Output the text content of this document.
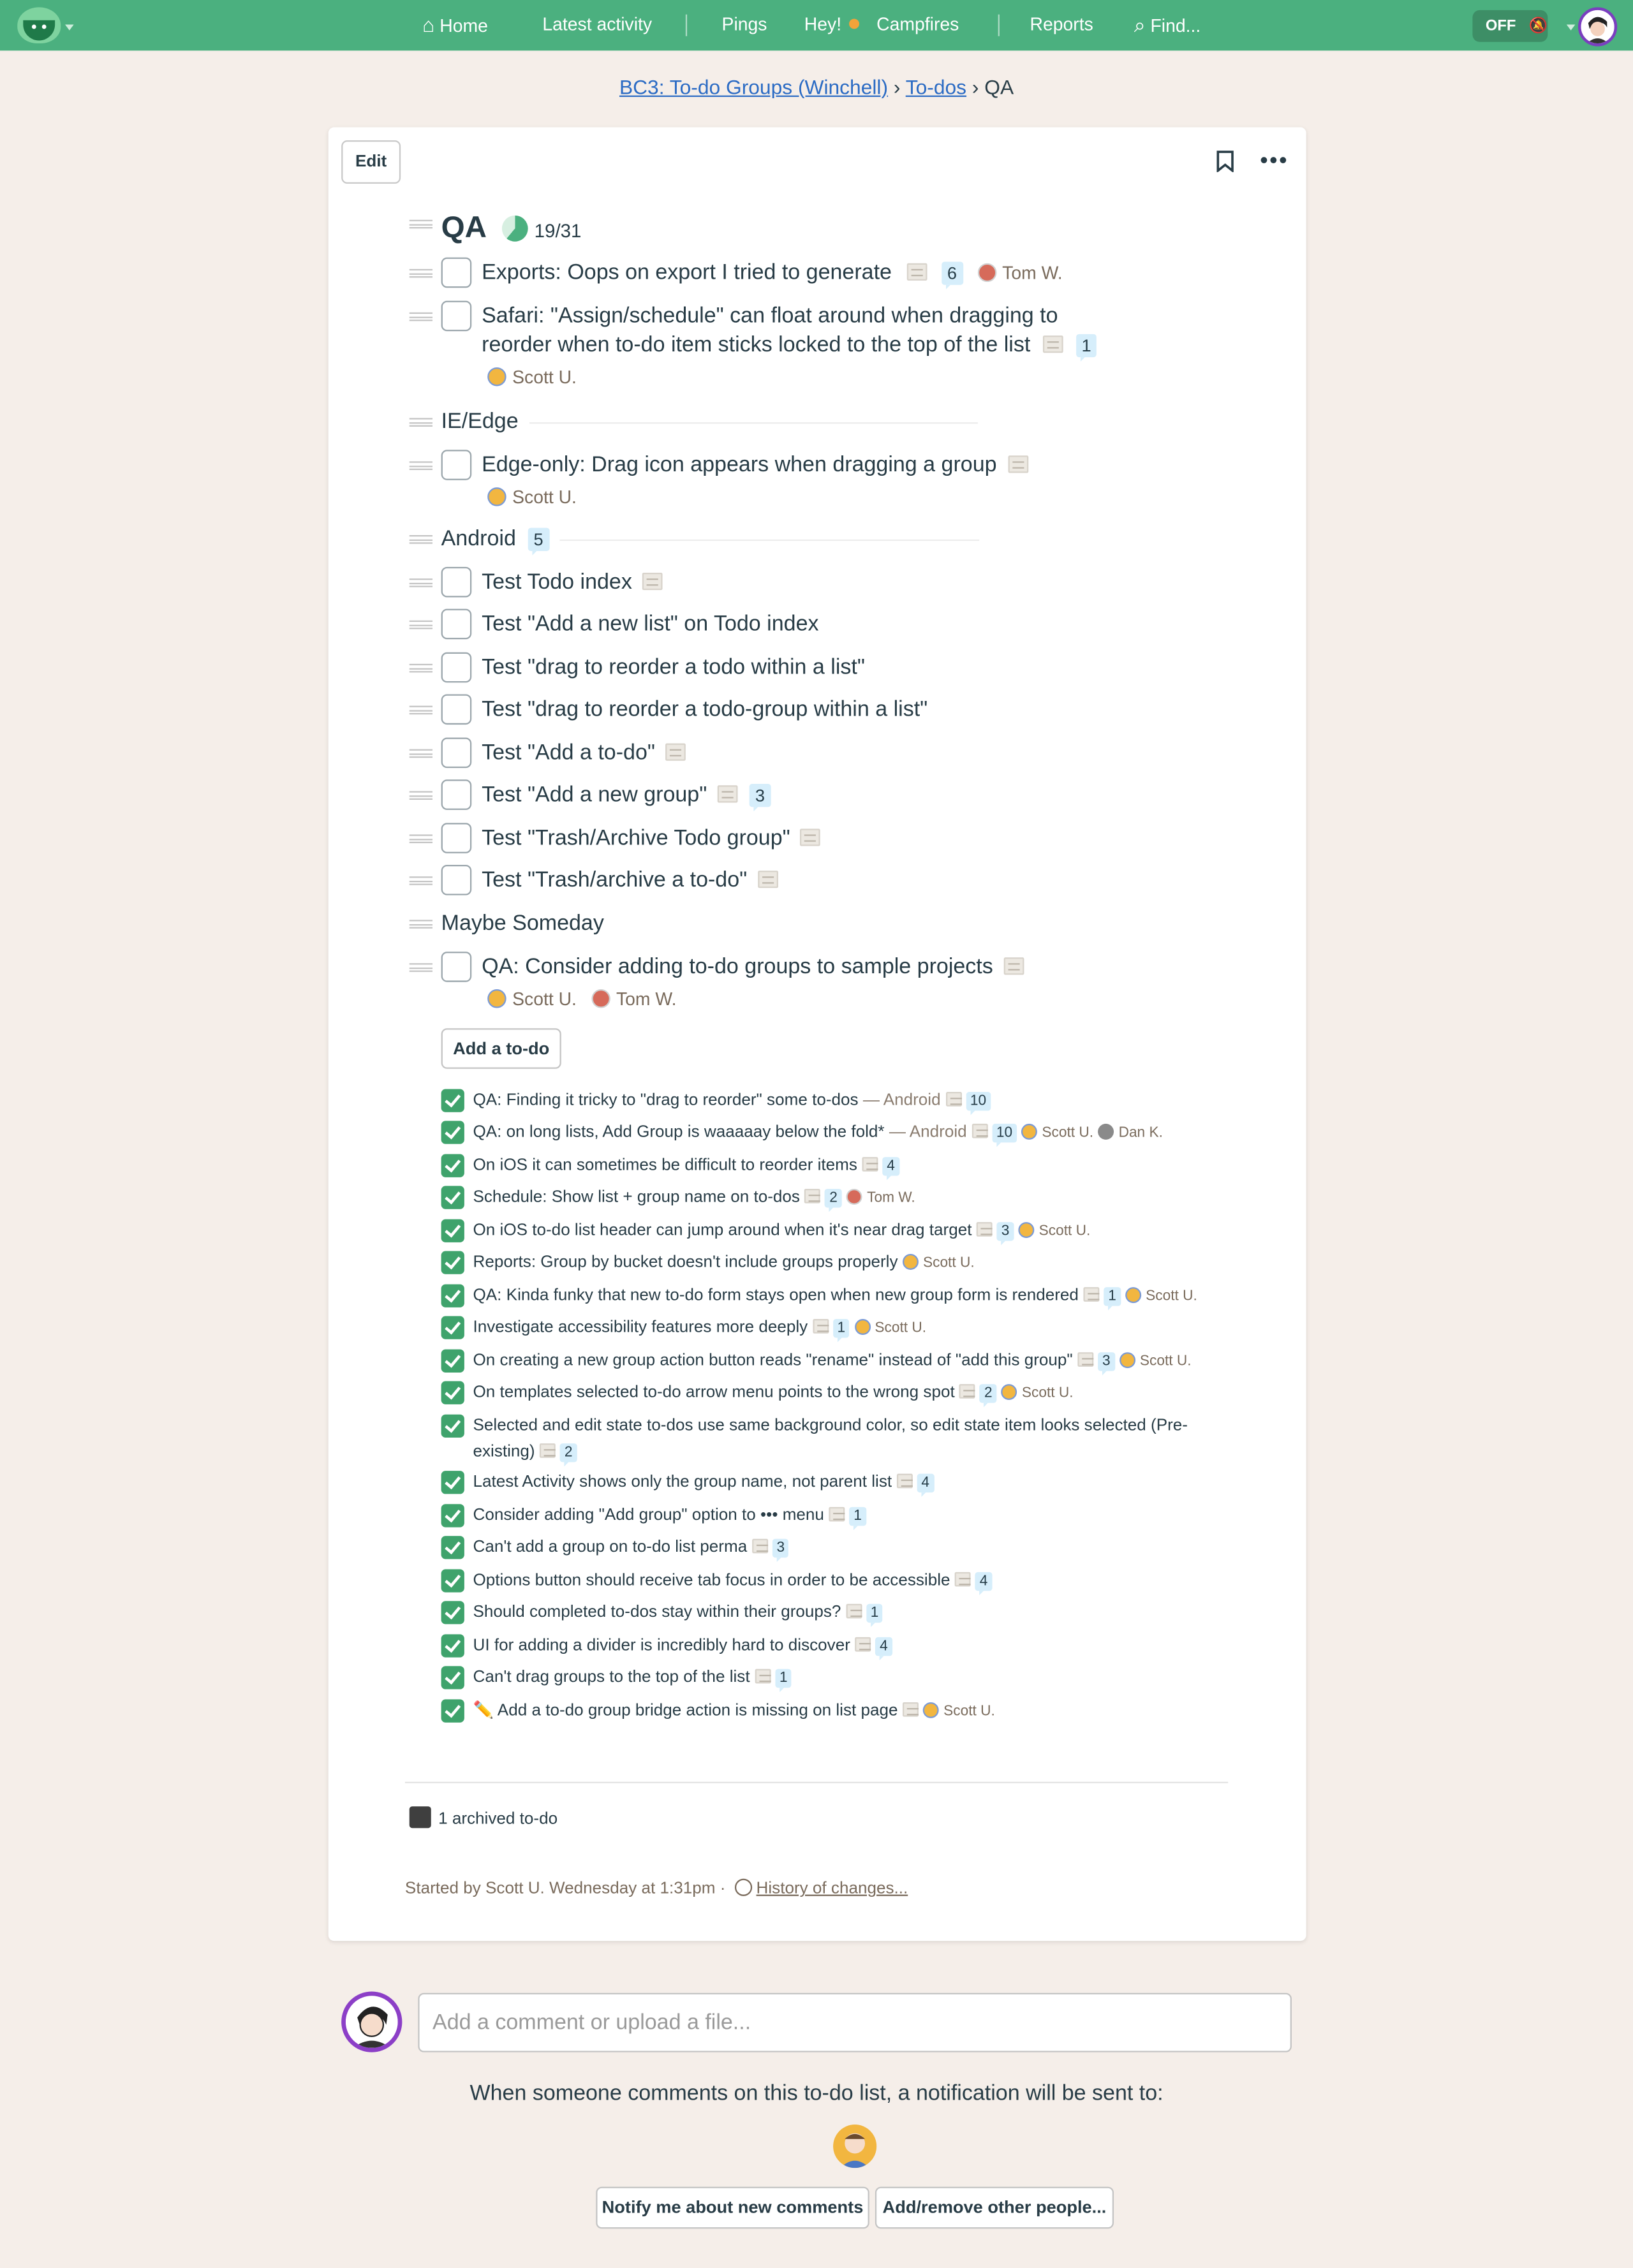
⌂ Home	Latest activity	Pings	Hey!	Campfires	Reports	⌕ Find...	OFF 🔕
BC3: To-do Groups (Winchell) › To-dos › QA
Edit	•••
QA	19/31
Exports: Oops on export I tried to generate	6	Tom W.
Safari: "Assign/schedule" can float around when dragging to
reorder when to-do item sticks locked to the top of the list	1
Scott U.
IE/Edge
Edge-only: Drag icon appears when dragging a group
Scott U.
Android 5
Test Todo index
Test "Add a new list" on Todo index
Test "drag to reorder a todo within a list"
Test "drag to reorder a todo-group within a list"
Test "Add a to-do"
Test "Add a new group"	3
Test "Trash/Archive Todo group"
Test "Trash/archive a to-do"
Maybe Someday
QA: Consider adding to-do groups to sample projects
Scott U.	Tom W.
Add a to-do
QA: Finding it tricky to "drag to reorder" some to-dos — Android	10
QA: on long lists, Add Group is waaaaay below the fold* — Android	10	Scott U.	Dan K.
On iOS it can sometimes be difficult to reorder items	4
Schedule: Show list + group name on to-dos	2	Tom W.
On iOS to-do list header can jump around when it's near drag target	3	Scott U.
Reports: Group by bucket doesn't include groups properly	Scott U.
QA: Kinda funky that new to-do form stays open when new group form is rendered	1	Scott U.
Investigate accessibility features more deeply	1	Scott U.
On creating a new group action button reads "rename" instead of "add this group"	3	Scott U.
On templates selected to-do arrow menu points to the wrong spot	2	Scott U.
Selected and edit state to-dos use same background color, so edit state item looks selected (Pre-
existing)	2
Latest Activity shows only the group name, not parent list	4
Consider adding "Add group" option to ••• menu	1
Can't add a group on to-do list perma	3
Options button should receive tab focus in order to be accessible	4
Should completed to-dos stay within their groups?	1
UI for adding a divider is incredibly hard to discover	4
Can't drag groups to the top of the list	1
✏️ Add a to-do group bridge action is missing on list page	Scott U.
1 archived to-do
Started by Scott U. Wednesday at 1:31pm ·	History of changes...
Add a comment or upload a file...
When someone comments on this to-do list, a notification will be sent to:
Notify me about new comments	Add/remove other people...
